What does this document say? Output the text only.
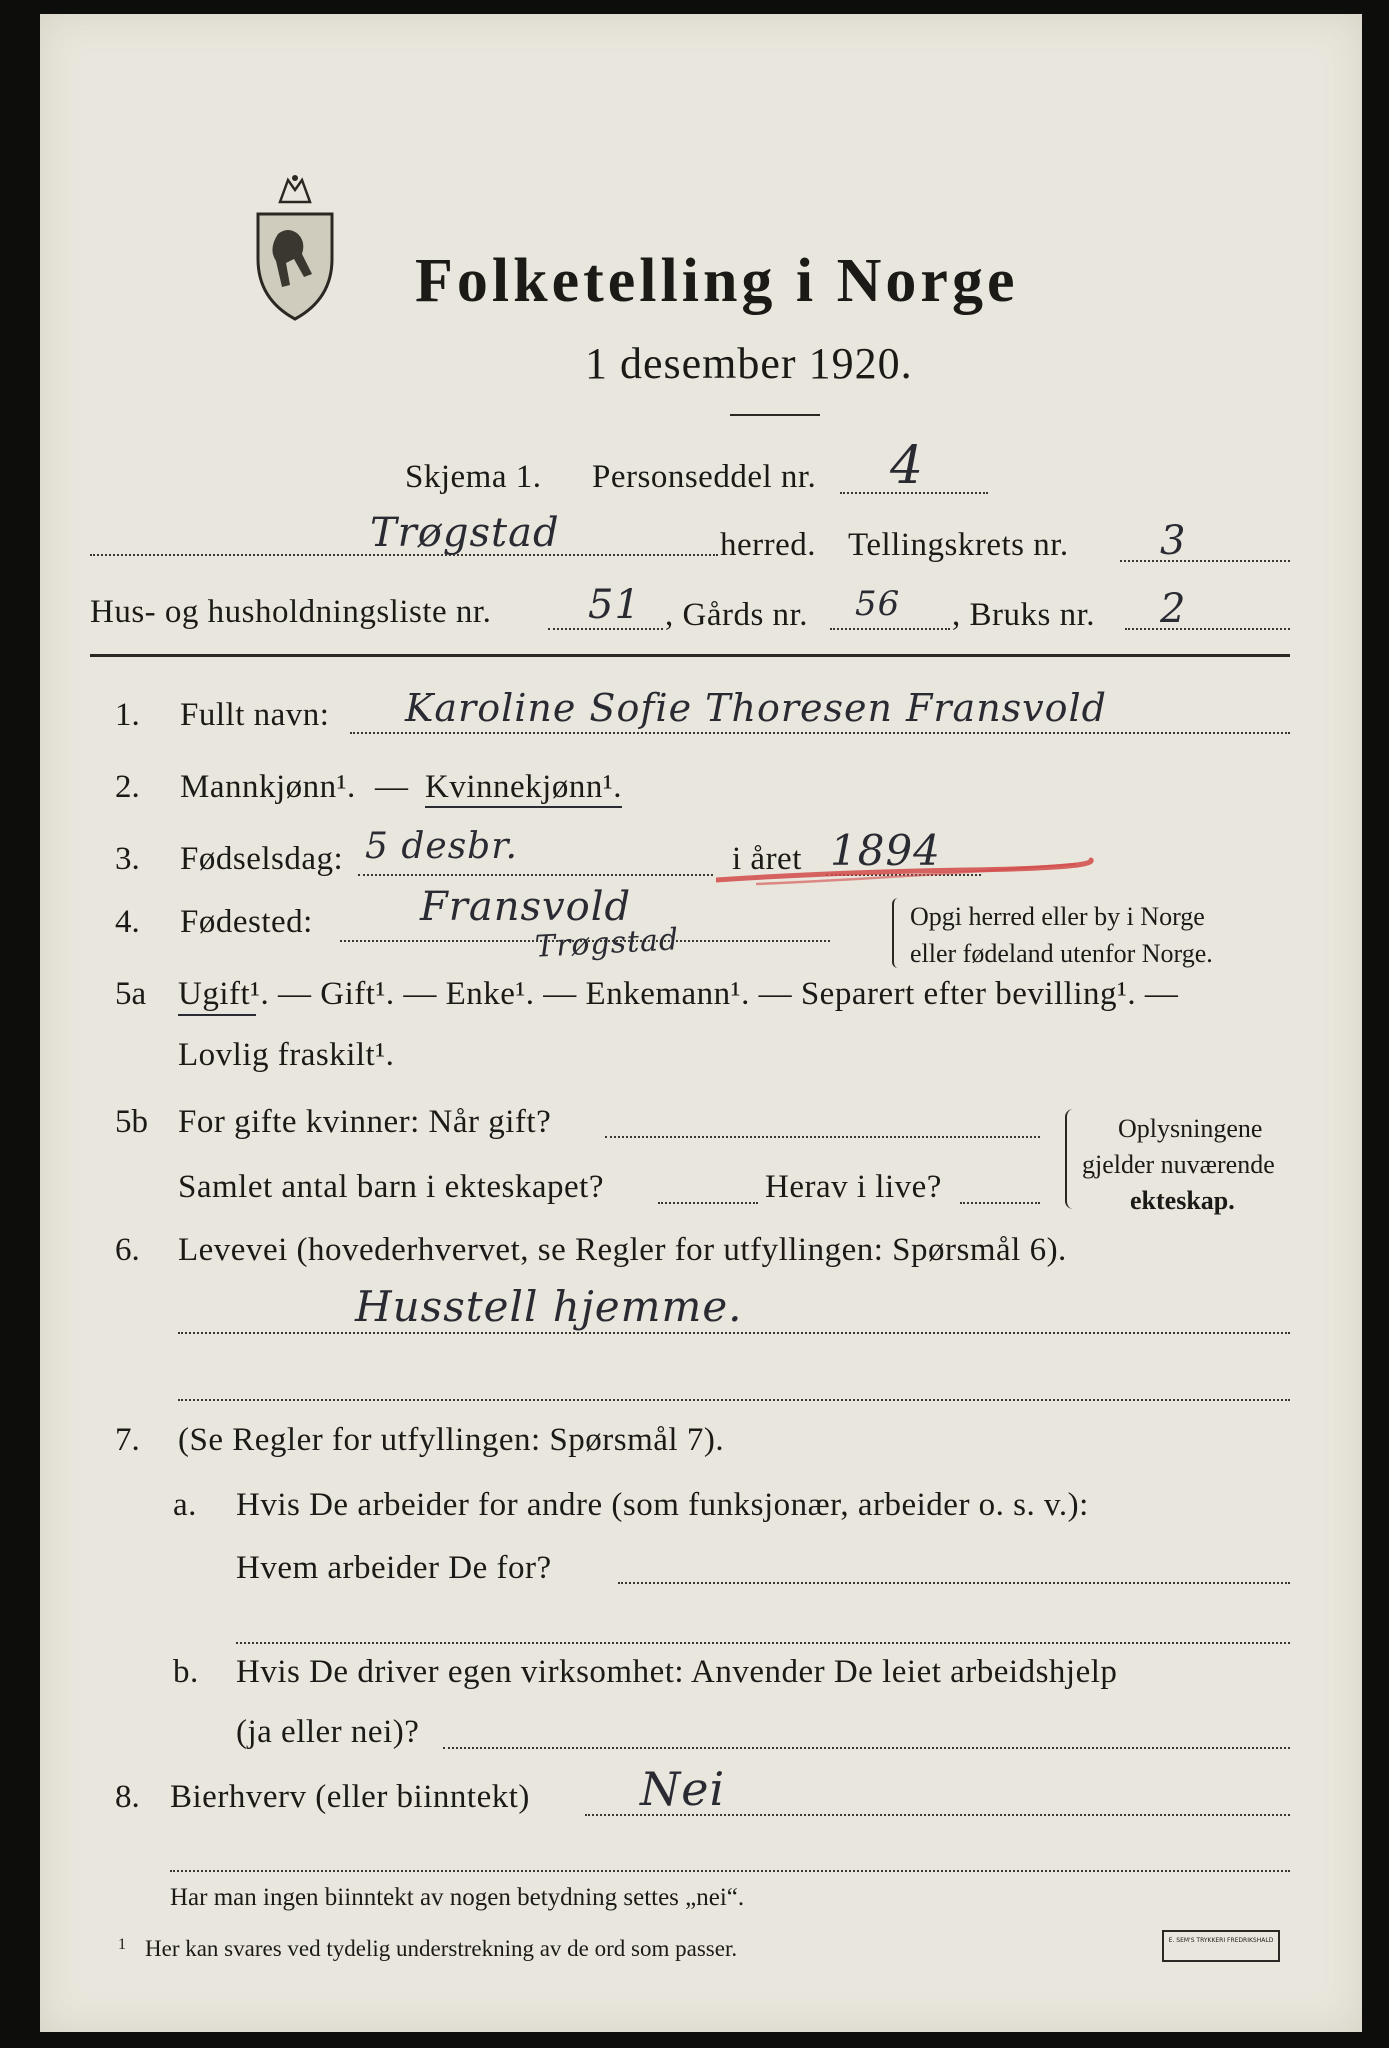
Folketelling i Norge
1 desember 1920.
Skjema 1. Personseddel nr. 4
Trøgstad	herred. Tellingskrets nr. 3
Hus- og husholdningsliste nr. 51 , Gårds nr. 56 , Bruks nr. 2
1. Fullt navn: Karoline Sofie Thoresen Fransvold
2. Mannkjønn¹. — Kvinnekjønn¹.
3. Fødselsdag: 5 desbr.	i året 1894
4. Fødested:	Fransvold
Trøgstad
Opgi herred eller by i Norge
eller fødeland utenfor Norge.
5a Ugift¹. — Gift¹. — Enke¹. — Enkemann¹. — Separert efter bevilling¹. —
Lovlig fraskilt¹.
5b For gifte kvinner: Når gift?
Samlet antal barn i ekteskapet?	Herav i live?
Oplysningene
gjelder nuværende
ekteskap.
6. Levevei (hovederhvervet, se Regler for utfyllingen: Spørsmål 6).
Husstell hjemme.
7. (Se Regler for utfyllingen: Spørsmål 7).
a. Hvis De arbeider for andre (som funksjonær, arbeider o. s. v.):
Hvem arbeider De for?
b. Hvis De driver egen virksomhet: Anvender De leiet arbeidshjelp
(ja eller nei)?
8. Bierhverv (eller biinntekt) Nei
Har man ingen biinntekt av nogen betydning settes „nei“.
1 Her kan svares ved tydelig understrekning av de ord som passer.	E. SEM'S TRYKKERI FREDRIKSHALD
